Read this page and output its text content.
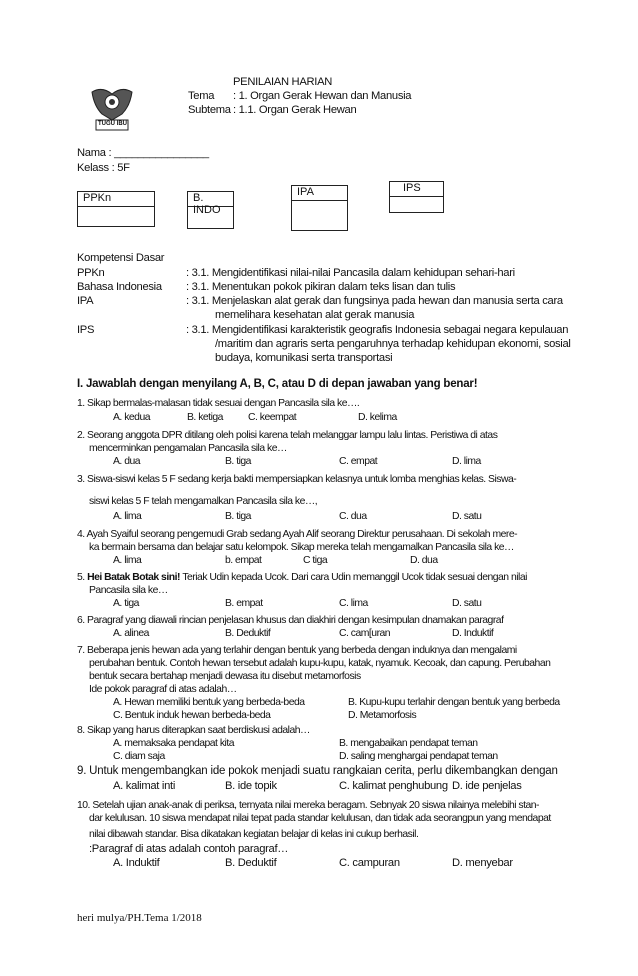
TUGU IBU
PENILAIAN HARIAN
Tema : 1. Organ Gerak Hewan dan Manusia
Subtema : 1.1. Organ Gerak Hewan
Nama : ________________
Kelass : 5F
PPKn	B. INDO
IPA	IPS
Kompetensi Dasar
PPKn	: 3.1. Mengidentifikasi nilai-nilai Pancasila dalam kehidupan sehari-hari
Bahasa Indonesia : 3.1. Menentukan pokok pikiran dalam teks lisan dan tulis
IPA	: 3.1. Menjelaskan alat gerak dan fungsinya pada hewan dan manusia serta cara
memelihara kesehatan alat gerak manusia
IPS	: 3.1. Mengidentifikasi karakteristik geografis Indonesia sebagai negara kepulauan
/maritim dan agraris serta pengaruhnya terhadap kehidupan ekonomi, sosial
budaya, komunikasi serta transportasi
I. Jawablah dengan menyilang A, B, C, atau D di depan jawaban yang benar!
1. Sikap bermalas-malasan tidak sesuai dengan Pancasila sila ke….
A. kedua	B. ketiga C. keempat	D. kelima
2. Seorang anggota DPR ditilang oleh polisi karena telah melanggar lampu lalu lintas. Peristiwa di atas
mencerminkan pengamalan Pancasila sila ke…
A. dua	B. tiga	C. empat	D. lima
3. Siswa-siswi kelas 5 F sedang kerja bakti mempersiapkan kelasnya untuk lomba menghias kelas. Siswa-
siswi kelas 5 F telah mengamalkan Pancasila sila ke…,
A. lima	B. tiga	C. dua	D. satu
4. Ayah Syaiful seorang pengemudi Grab sedang Ayah Alif seorang Direktur perusahaan. Di sekolah mere-
ka bermain bersama dan belajar satu kelompok. Sikap mereka telah mengamalkan Pancasila sila ke…
A. lima	b. empat	C tiga	D. dua
5. Hei Batak Botak sini! Teriak Udin kepada Ucok. Dari cara Udin memanggil Ucok tidak sesuai dengan nilai
Pancasila sila ke…
A. tiga	B. empat	C. lima	D. satu
6. Paragraf yang diawali rincian penjelasan khusus dan diakhiri dengan kesimpulan dnamakan paragraf
A. alinea	B. Deduktif	C. cam[uran	D. Induktif
7. Beberapa jenis hewan ada yang terlahir dengan bentuk yang berbeda dengan induknya dan mengalami
perubahan bentuk. Contoh hewan tersebut adalah kupu-kupu, katak, nyamuk. Kecoak, dan capung. Perubahan
bentuk secara bertahap menjadi dewasa itu disebut metamorfosis
Ide pokok paragraf di atas adalah…
A. Hewan memiliki bentuk yang berbeda-beda	B. Kupu-kupu terlahir dengan bentuk yang berbeda
C. Bentuk induk hewan berbeda-beda	D. Metamorfosis
8. Sikap yang harus diterapkan saat berdiskusi adalah…
A. memaksaka pendapat kita	B. mengabaikan pendapat teman
C. diam saja	D. saling menghargai pendapat teman
9. Untuk mengembangkan ide pokok menjadi suatu rangkaian cerita, perlu dikembangkan dengan
A. kalimat inti	B. ide topik	C. kalimat penghubung D. ide penjelas
10. Setelah ujian anak-anak di periksa, ternyata nilai mereka beragam. Sebnyak 20 siswa nilainya melebihi stan-
dar kelulusan. 10 siswa mendapat nilai tepat pada standar kelulusan, dan tidak ada seorangpun yang mendapat
nilai dibawah standar. Bisa dikatakan kegiatan belajar di kelas ini cukup berhasil.
:Paragraf di atas adalah contoh paragraf…
A. Induktif	B. Deduktif	C. campuran	D. menyebar
heri mulya/PH.Tema 1/2018
